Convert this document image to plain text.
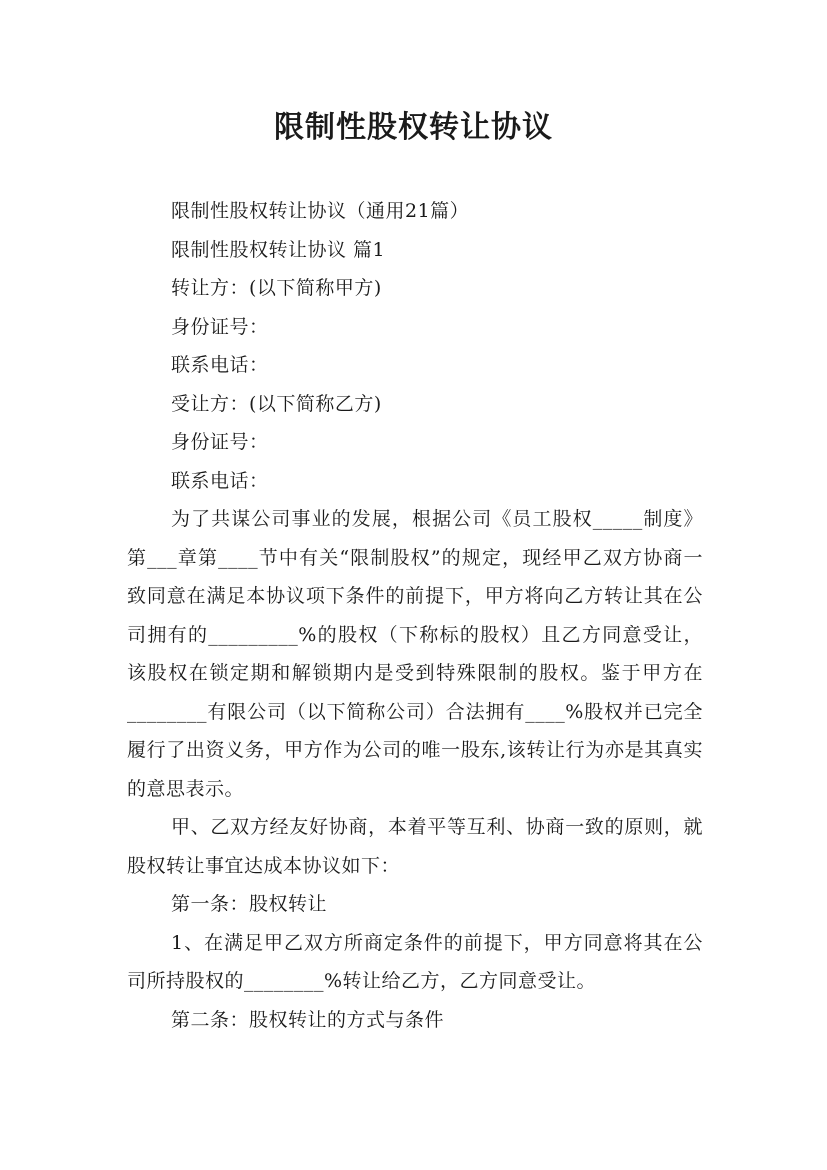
限制性股权转让协议

限制性股权转让协议（通用21篇）

限制性股权转让协议 篇1

转让方：(以下简称甲方)

身份证号：

联系电话：

受让方：(以下简称乙方)

身份证号：

联系电话：

为了共谋公司事业的发展，根据公司《员工股权_____制度》第___章第____节中有关“限制股权”的规定，现经甲乙双方协商一致同意在满足本协议项下条件的前提下，甲方将向乙方转让其在公司拥有的_________%的股权（下称标的股权）且乙方同意受让，该股权在锁定期和解锁期内是受到特殊限制的股权。鉴于甲方在________有限公司（以下简称公司）合法拥有____%股权并已完全履行了出资义务，甲方作为公司的唯一股东,该转让行为亦是其真实的意思表示。

甲、乙双方经友好协商，本着平等互利、协商一致的原则，就股权转让事宜达成本协议如下：

第一条：股权转让

1、在满足甲乙双方所商定条件的前提下，甲方同意将其在公司所持股权的________%转让给乙方，乙方同意受让。

第二条：股权转让的方式与条件
